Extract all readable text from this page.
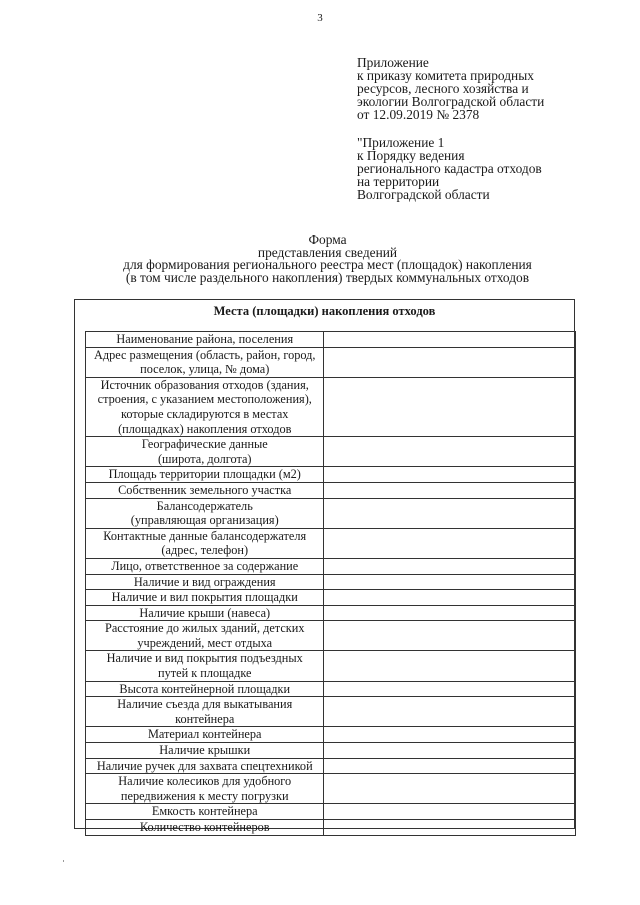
3
Приложение
к приказу комитета природных
ресурсов, лесного хозяйства и
экологии Волгоградской области
от 12.09.2019 № 2378
"Приложение 1
к Порядку ведения
регионального кадастра отходов
на территории
Волгоградской области
Форма
представления сведений
для формирования регионального реестра мест (площадок) накопления
(в том числе раздельного накопления) твердых коммунальных отходов
Места (площадки) накопления отходов
Наименование района, поселения	

Адрес размещения (область, район, город,
поселок, улица, № дома)	

Источник образования отходов (здания,
строения, с указанием местоположения),
которые складируются в местах
(площадках) накопления отходов	

Географические данные
(широта, долгота)	

Площадь территории площадки (м2)	

Собственник земельного участка	

Балансодержатель
(управляющая организация)	

Контактные данные балансодержателя
(адрес, телефон)	

Лицо, ответственное за содержание	

Наличие и вид ограждения	

Наличие и вил покрытия площадки	

Наличие крыши (навеса)	

Расстояние до жилых зданий, детских
учреждений, мест отдыха	

Наличие и вид покрытия подъездных
путей к площадке	

Высота контейнерной площадки	

Наличие съезда для выкатывания
контейнера	

Материал контейнера	

Наличие крышки	

Наличие ручек для захвата спецтехникой	

Наличие колесиков для удобного
передвижения к месту погрузки	

Емкость контейнера	

Количество контейнеров	
